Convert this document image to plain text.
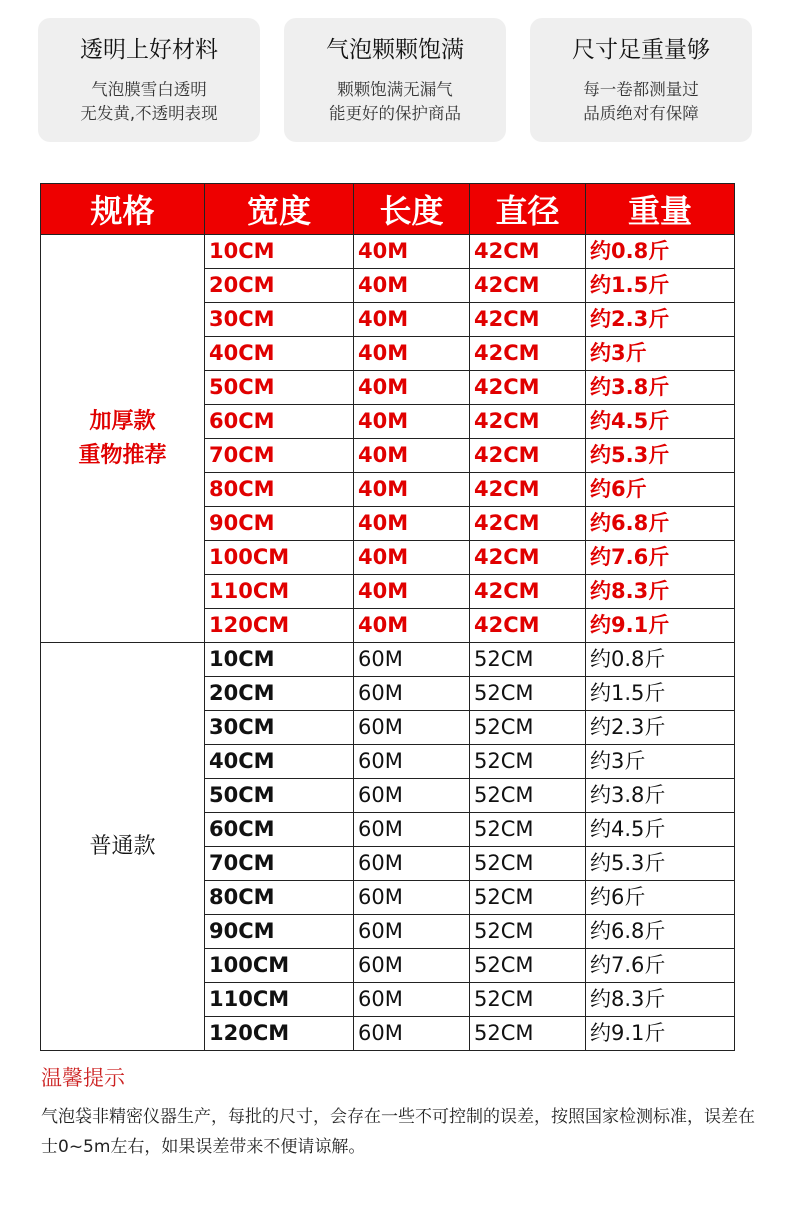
透明上好材料
气泡膜雪白透明
无发黄,不透明表现
气泡颗颗饱满
颗颗饱满无漏气
能更好的保护商品
尺寸足重量够
每一卷都测量过
品质绝对有保障
规格	宽度	长度	直径	重量

加厚款
重物推荐	10CM	40M	42CM	约0.8斤
	20CM	40M	42CM	约1.5斤
	30CM	40M	42CM	约2.3斤
	40CM	40M	42CM	约3斤
	50CM	40M	42CM	约3.8斤
	60CM	40M	42CM	约4.5斤
	70CM	40M	42CM	约5.3斤
	80CM	40M	42CM	约6斤
	90CM	40M	42CM	约6.8斤
	100CM	40M	42CM	约7.6斤
	110CM	40M	42CM	约8.3斤
	120CM	40M	42CM	约9.1斤

普通款	10CM	60M	52CM	约0.8斤
	20CM	60M	52CM	约1.5斤
	30CM	60M	52CM	约2.3斤
	40CM	60M	52CM	约3斤
	50CM	60M	52CM	约3.8斤
	60CM	60M	52CM	约4.5斤
	70CM	60M	52CM	约5.3斤
	80CM	60M	52CM	约6斤
	90CM	60M	52CM	约6.8斤
	100CM	60M	52CM	约7.6斤
	110CM	60M	52CM	约8.3斤
	120CM	60M	52CM	约9.1斤
温馨提示
气泡袋非精密仪器生产，每批的尺寸，会存在一些不可控制的误差，按照国家检测标准，误差在士0~5m左右，如果误差带来不便请谅解。
